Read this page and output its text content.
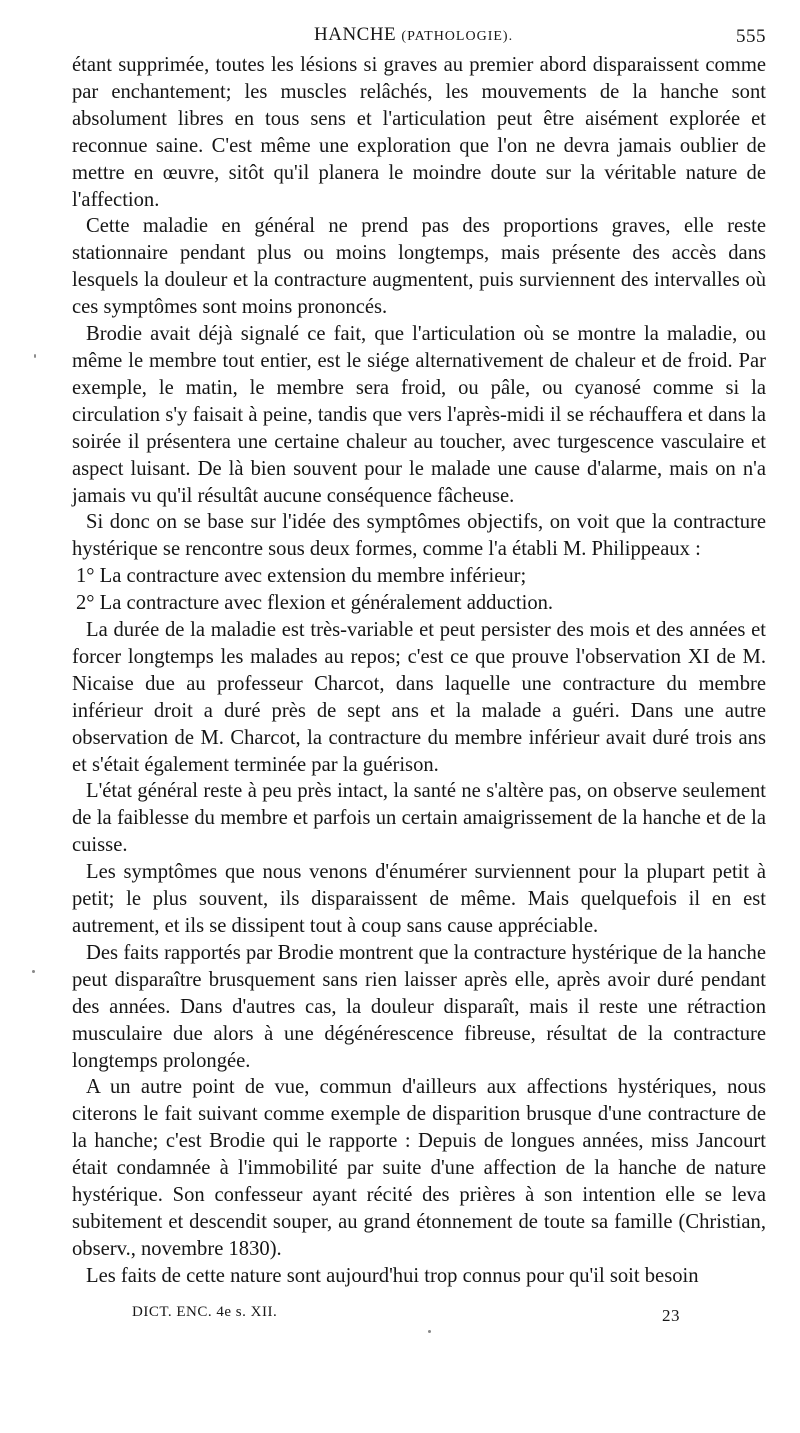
HANCHE (PATHOLOGIE).	555

étant supprimée, toutes les lésions si graves au premier abord disparaissent comme par enchantement; les muscles relâchés, les mouvements de la hanche sont absolument libres en tous sens et l'articulation peut être aisément explorée et reconnue saine. C'est même une exploration que l'on ne devra jamais oublier de mettre en œuvre, sitôt qu'il planera le moindre doute sur la véritable nature de l'affection.

Cette maladie en général ne prend pas des proportions graves, elle reste stationnaire pendant plus ou moins longtemps, mais présente des accès dans lesquels la douleur et la contracture augmentent, puis surviennent des intervalles où ces symptômes sont moins prononcés.

Brodie avait déjà signalé ce fait, que l'articulation où se montre la maladie, ou même le membre tout entier, est le siége alternativement de chaleur et de froid. Par exemple, le matin, le membre sera froid, ou pâle, ou cyanosé comme si la circulation s'y faisait à peine, tandis que vers l'après-midi il se réchauffera et dans la soirée il présentera une certaine chaleur au toucher, avec turgescence vasculaire et aspect luisant. De là bien souvent pour le malade une cause d'alarme, mais on n'a jamais vu qu'il résultât aucune conséquence fâcheuse.

Si donc on se base sur l'idée des symptômes objectifs, on voit que la contracture hystérique se rencontre sous deux formes, comme l'a établi M. Philippeaux :

1° La contracture avec extension du membre inférieur;

2° La contracture avec flexion et généralement adduction.

La durée de la maladie est très-variable et peut persister des mois et des années et forcer longtemps les malades au repos; c'est ce que prouve l'observation XI de M. Nicaise due au professeur Charcot, dans laquelle une contracture du membre inférieur droit a duré près de sept ans et la malade a guéri. Dans une autre observation de M. Charcot, la contracture du membre inférieur avait duré trois ans et s'était également terminée par la guérison.

L'état général reste à peu près intact, la santé ne s'altère pas, on observe seulement de la faiblesse du membre et parfois un certain amaigrissement de la hanche et de la cuisse.

Les symptômes que nous venons d'énumérer surviennent pour la plupart petit à petit; le plus souvent, ils disparaissent de même. Mais quelquefois il en est autrement, et ils se dissipent tout à coup sans cause appréciable.

Des faits rapportés par Brodie montrent que la contracture hystérique de la hanche peut disparaître brusquement sans rien laisser après elle, après avoir duré pendant des années. Dans d'autres cas, la douleur disparaît, mais il reste une rétraction musculaire due alors à une dégénérescence fibreuse, résultat de la contracture longtemps prolongée.

A un autre point de vue, commun d'ailleurs aux affections hystériques, nous citerons le fait suivant comme exemple de disparition brusque d'une contracture de la hanche; c'est Brodie qui le rapporte : Depuis de longues années, miss Jancourt était condamnée à l'immobilité par suite d'une affection de la hanche de nature hystérique. Son confesseur ayant récité des prières à son intention elle se leva subitement et descendit souper, au grand étonnement de toute sa famille (Christian, observ., novembre 1830).

Les faits de cette nature sont aujourd'hui trop connus pour qu'il soit besoin

DICT. ENC. 4e s. XII.	23
